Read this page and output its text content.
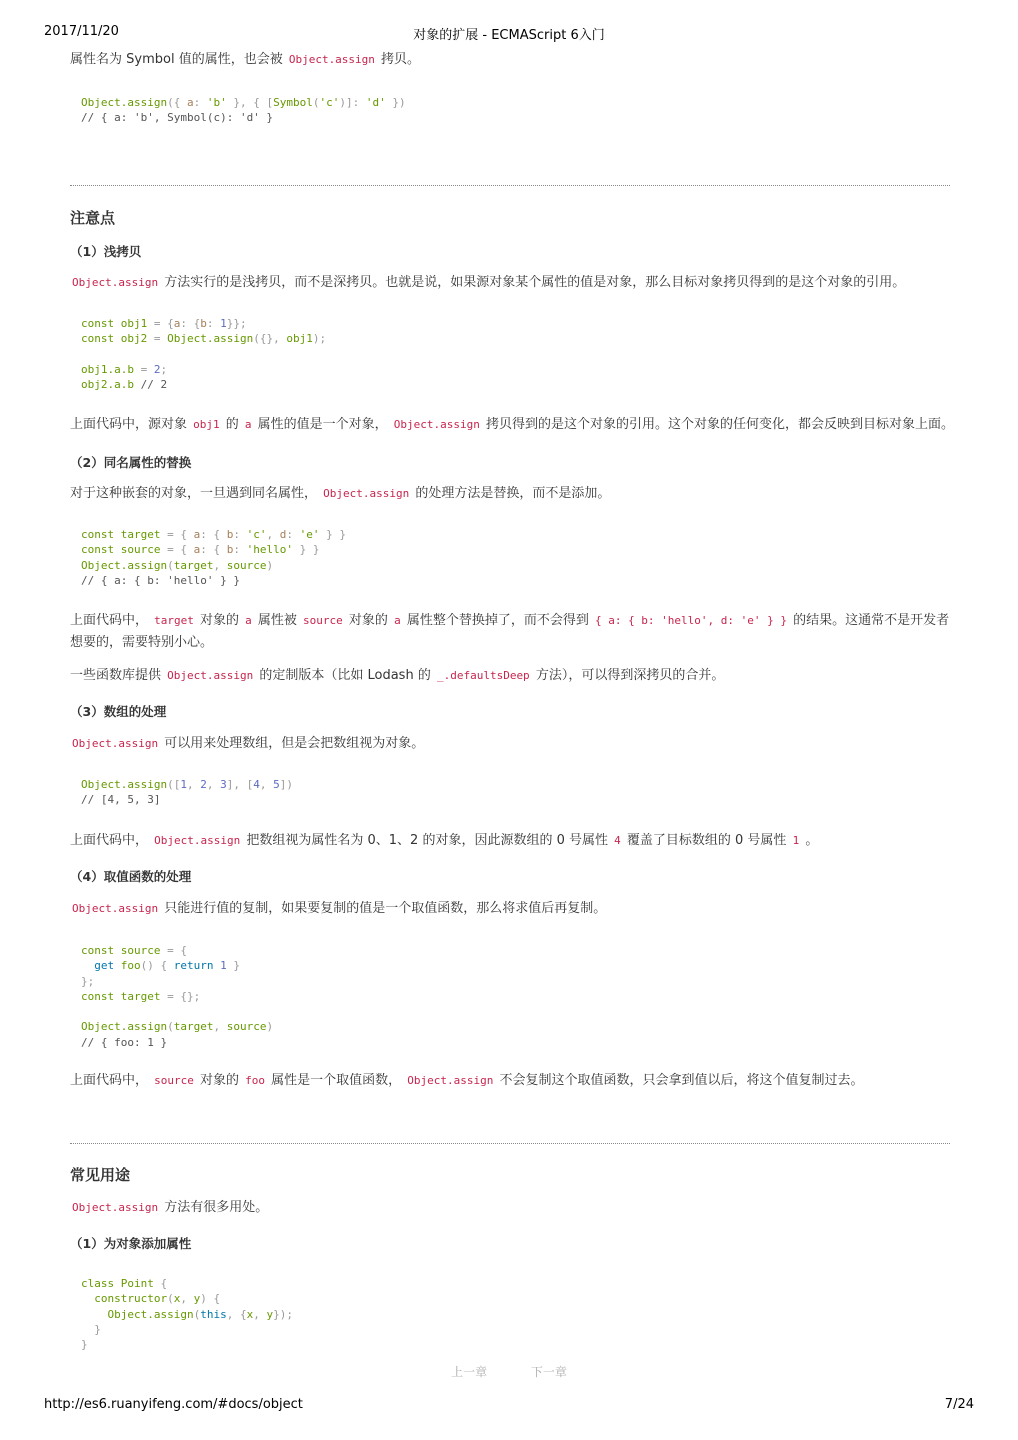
2017/11/20	对象的扩展 - ECMAScript 6入门

属性名为 Symbol 值的属性，也会被 Object.assign 拷贝。

Object.assign({ a: 'b' }, { [Symbol('c')]: 'd' })
// { a: 'b', Symbol(c): 'd' }
注意点
（1）浅拷贝

Object.assign 方法实行的是浅拷贝，而不是深拷贝。也就是说，如果源对象某个属性的值是对象，那么目标对象拷贝得到的是这个对象的引用。

const obj1 = {a: {b: 1}};
const obj2 = Object.assign({}, obj1);

obj1.a.b = 2;
obj2.a.b // 2

上面代码中，源对象 obj1 的 a 属性的值是一个对象， Object.assign 拷贝得到的是这个对象的引用。这个对象的任何变化，都会反映到目标对象上面。

（2）同名属性的替换

对于这种嵌套的对象，一旦遇到同名属性， Object.assign 的处理方法是替换，而不是添加。

const target = { a: { b: 'c', d: 'e' } }
const source = { a: { b: 'hello' } }
Object.assign(target, source)
// { a: { b: 'hello' } }

上面代码中， target 对象的 a 属性被 source 对象的 a 属性整个替换掉了，而不会得到 { a: { b: 'hello', d: 'e' } } 的结果。这通常不是开发者想要的，需要特别小心。

一些函数库提供 Object.assign 的定制版本（比如 Lodash 的 _.defaultsDeep 方法），可以得到深拷贝的合并。

（3）数组的处理

Object.assign 可以用来处理数组，但是会把数组视为对象。

Object.assign([1, 2, 3], [4, 5])
// [4, 5, 3]

上面代码中， Object.assign 把数组视为属性名为 0、1、2 的对象，因此源数组的 0 号属性 4 覆盖了目标数组的 0 号属性 1 。

（4）取值函数的处理

Object.assign 只能进行值的复制，如果要复制的值是一个取值函数，那么将求值后再复制。

const source = {
get foo() { return 1 }
};
const target = {};

Object.assign(target, source)
// { foo: 1 }

上面代码中， source 对象的 foo 属性是一个取值函数， Object.assign 不会复制这个取值函数，只会拿到值以后，将这个值复制过去。

常见用途

Object.assign 方法有很多用处。

（1）为对象添加属性
class Point {
constructor(x, y) {
Object.assign(this, {x, y});
}
}
上一章	下一章
http://es6.ruanyifeng.com/#docs/object	7/24
